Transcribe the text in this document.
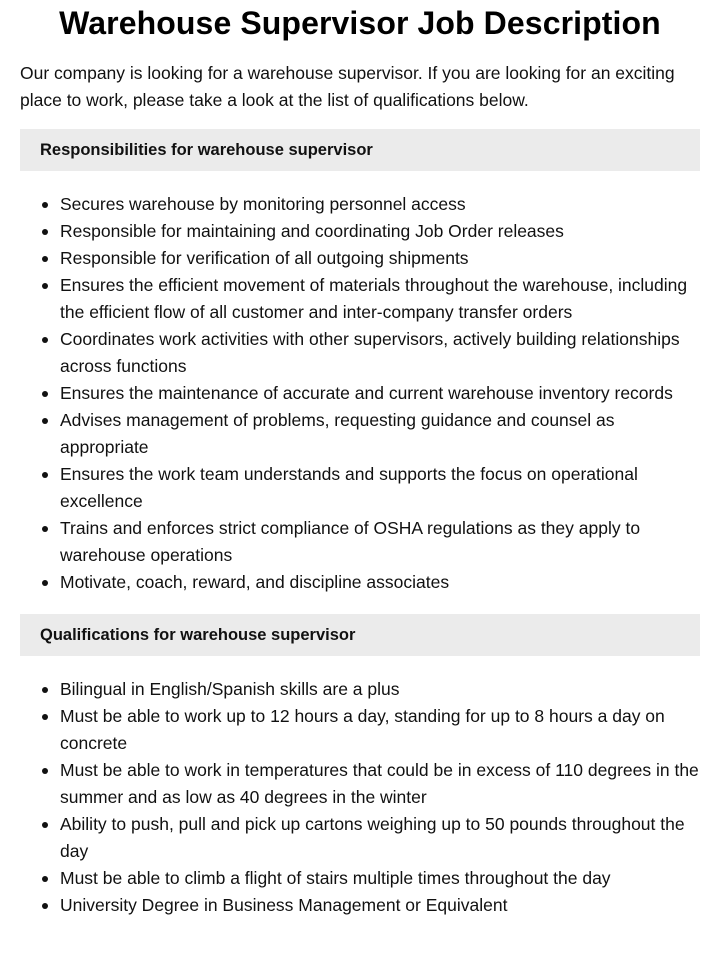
Warehouse Supervisor Job Description

Our company is looking for a warehouse supervisor. If you are looking for an exciting place to work, please take a look at the list of qualifications below.

Responsibilities for warehouse supervisor
Secures warehouse by monitoring personnel access
Responsible for maintaining and coordinating Job Order releases
Responsible for verification of all outgoing shipments
Ensures the efficient movement of materials throughout the warehouse, including the efficient flow of all customer and inter-company transfer orders
Coordinates work activities with other supervisors, actively building relationships across functions
Ensures the maintenance of accurate and current warehouse inventory records
Advises management of problems, requesting guidance and counsel as appropriate
Ensures the work team understands and supports the focus on operational excellence
Trains and enforces strict compliance of OSHA regulations as they apply to warehouse operations
Motivate, coach, reward, and discipline associates
Qualifications for warehouse supervisor
Bilingual in English/Spanish skills are a plus
Must be able to work up to 12 hours a day, standing for up to 8 hours a day on concrete
Must be able to work in temperatures that could be in excess of 110 degrees in the summer and as low as 40 degrees in the winter
Ability to push, pull and pick up cartons weighing up to 50 pounds throughout the day
Must be able to climb a flight of stairs multiple times throughout the day
University Degree in Business Management or Equivalent
